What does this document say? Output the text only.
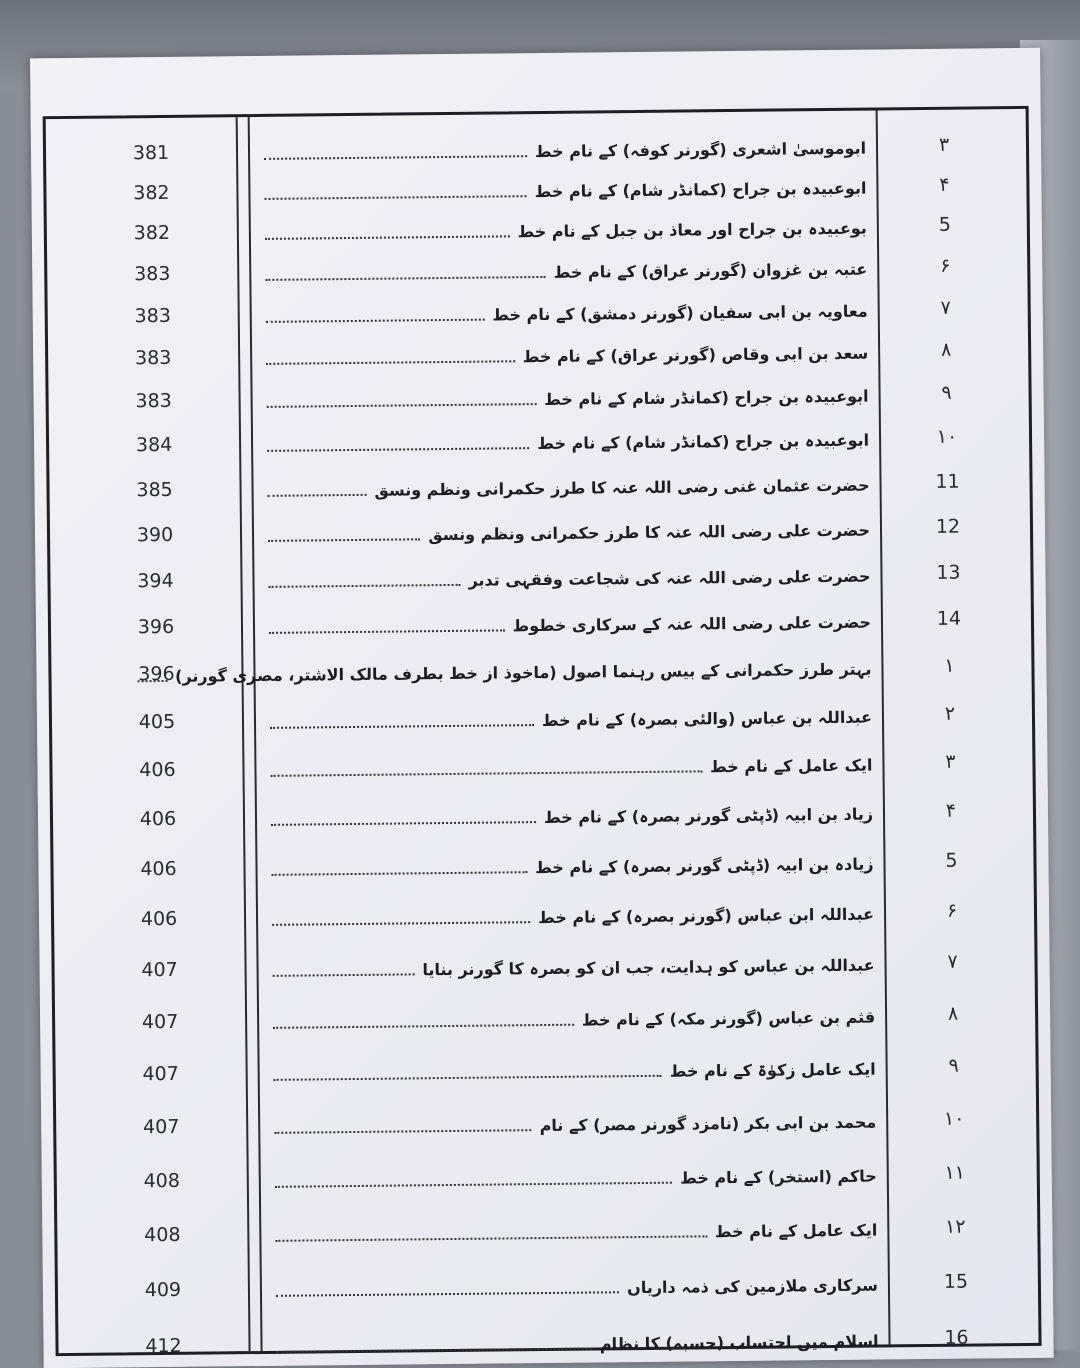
381	ابوموسیٰ اشعری (گورنر کوفہ) کے نام خط	۳
382	ابوعبیدہ بن جراح (کمانڈر شام) کے نام خط	۴
382	بوعبیدہ بن جراح اور معاذ بن جبل کے نام خط	5
383	عتبہ بن غزوان (گورنر عراق) کے نام خط	۶
383	معاویہ بن ابی سفیان (گورنر دمشق) کے نام خط	۷
383	سعد بن ابی وقاص (گورنر عراق) کے نام خط	۸
383	ابوعبیدہ بن جراح (کمانڈر شام کے نام خط	۹
384	ابوعبیدہ بن جراح (کمانڈر شام) کے نام خط	۱۰
385	حضرت عثمان غنی رضی اللہ عنہ کا طرز حکمرانی ونظم ونسق	11
390	حضرت علی رضی اللہ عنہ کا طرز حکمرانی ونظم ونسق	12
394	حضرت علی رضی اللہ عنہ کی شجاعت وفقہی تدبر	13
396	حضرت علی رضی اللہ عنہ کے سرکاری خطوط	14
396 بہتر طرز حکمرانی کے بیس رہنما اصول (ماخوذ از خط بطرف مالک الاشتر، مصری گورنر)	۱
405	عبداللہ بن عباس (والئی بصرہ) کے نام خط	۲
406	ایک عامل کے نام خط	۳
406	زیاد بن ابیہ (ڈپٹی گورنر بصرہ) کے نام خط	۴
406	زیادہ بن ابیہ (ڈپٹی گورنر بصرہ) کے نام خط	5
406	عبداللہ ابن عباس (گورنر بصرہ) کے نام خط	۶
407	عبداللہ بن عباس کو ہدایت، جب ان کو بصرہ کا گورنر بنایا	۷
407	قثم بن عباس (گورنر مکہ) کے نام خط	۸
407	ایک عامل زکوٰۃ کے نام خط	۹
407	محمد بن ابی بکر (نامزد گورنر مصر) کے نام	۱۰
408	حاکم (استخر) کے نام خط	۱۱
408	ایک عامل کے نام خط	۱۲
409	سرکاری ملازمین کی ذمہ داریاں	15
412	اسلام میں احتساب (حسبہ) کا نظام	16
